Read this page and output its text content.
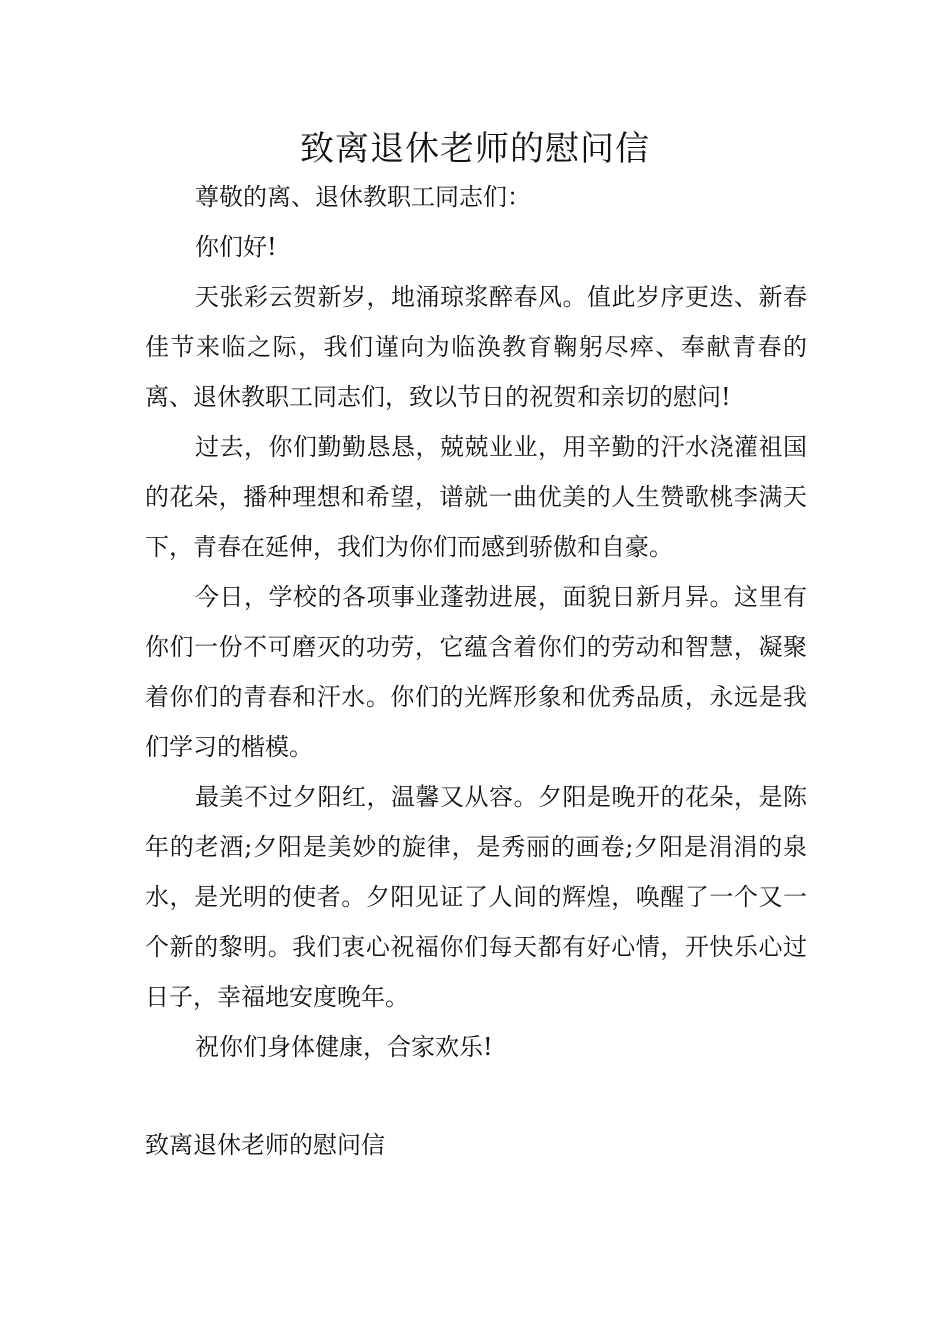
致离退休老师的慰问信

尊敬的离、退休教职工同志们：

你们好!

天张彩云贺新岁，地涌琼浆醉春风。值此岁序更迭、新春佳节来临之际，我们谨向为临涣教育鞠躬尽瘁、奉献青春的离、退休教职工同志们，致以节日的祝贺和亲切的慰问!

过去，你们勤勤恳恳，兢兢业业，用辛勤的汗水浇灌祖国的花朵，播种理想和希望，谱就一曲优美的人生赞歌桃李满天下，青春在延伸，我们为你们而感到骄傲和自豪。

今日，学校的各项事业蓬勃进展，面貌日新月异。这里有你们一份不可磨灭的功劳，它蕴含着你们的劳动和智慧，凝聚着你们的青春和汗水。你们的光辉形象和优秀品质，永远是我们学习的楷模。

最美不过夕阳红，温馨又从容。夕阳是晚开的花朵，是陈年的老酒;夕阳是美妙的旋律，是秀丽的画卷;夕阳是涓涓的泉水，是光明的使者。夕阳见证了人间的辉煌，唤醒了一个又一个新的黎明。我们衷心祝福你们每天都有好心情，开快乐心过日子，幸福地安度晚年。

祝你们身体健康，合家欢乐!

致离退休老师的慰问信
